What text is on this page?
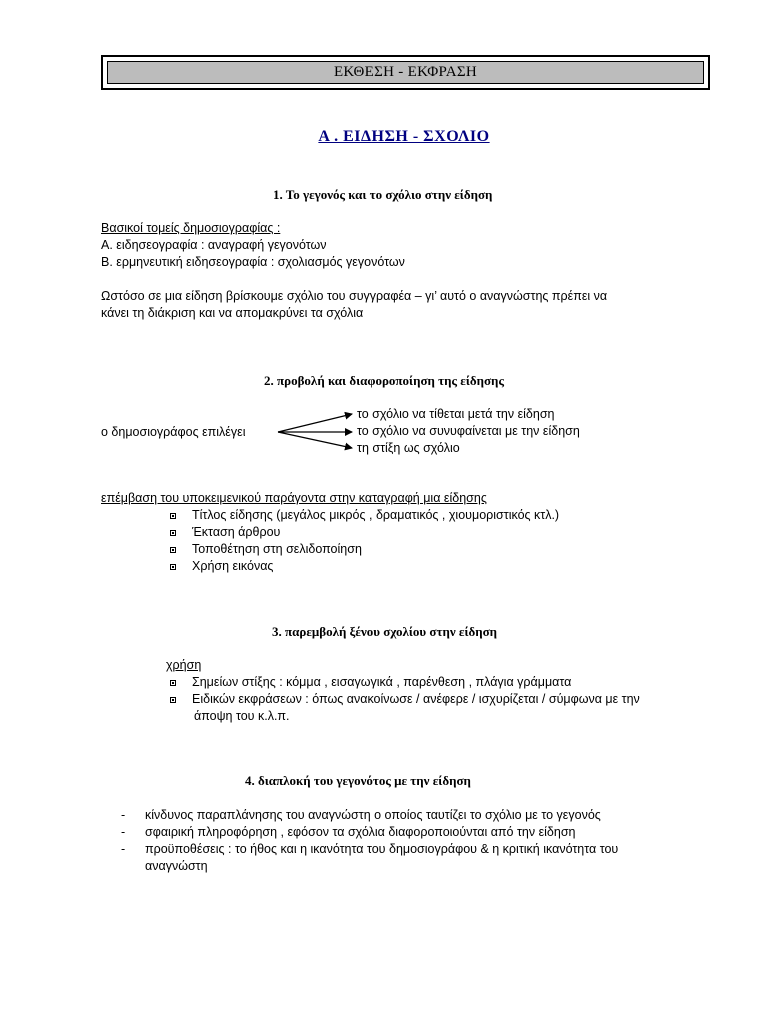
ΕΚΘΕΣΗ - ΕΚΦΡΑΣΗ
Α . ΕΙΔΗΣΗ - ΣΧΟΛΙΟ
1. Το γεγονός και το σχόλιο στην είδηση
Βασικοί τομείς δημοσιογραφίας :
Α. ειδησεογραφία : αναγραφή γεγονότων
Β. ερμηνευτική ειδησεογραφία : σχολιασμός γεγονότων
Ωστόσο σε μια είδηση βρίσκουμε σχόλιο του συγγραφέα – γι’ αυτό ο αναγνώστης πρέπει να
κάνει τη διάκριση και να απομακρύνει τα σχόλια
2. προβολή και διαφοροποίηση της είδησης
ο δημοσιογράφος επιλέγει
το σχόλιο να τίθεται μετά την είδηση
το σχόλιο να συνυφαίνεται με την είδηση
τη στίξη ως σχόλιο
επέμβαση του υποκειμενικού παράγοντα στην καταγραφή μια είδησης
Τίτλος είδησης (μεγάλος μικρός , δραματικός , χιουμοριστικός κτλ.)
Έκταση άρθρου
Τοποθέτηση στη σελιδοποίηση
Χρήση εικόνας
3. παρεμβολή ξένου σχολίου στην είδηση
χρήση
Σημείων στίξης : κόμμα , εισαγωγικά , παρένθεση , πλάγια γράμματα
Ειδικών εκφράσεων : όπως ανακοίνωσε / ανέφερε / ισχυρίζεται / σύμφωνα με την
άποψη του κ.λ.π.
4. διαπλοκή του γεγονότος με την είδηση
-	κίνδυνος παραπλάνησης του αναγνώστη ο οποίος ταυτίζει το σχόλιο με το γεγονός
-	σφαιρική πληροφόρηση , εφόσον τα σχόλια διαφοροποιούνται από την είδηση
-	προϋποθέσεις : το ήθος και η ικανότητα του δημοσιογράφου & η κριτική ικανότητα του
αναγνώστη
